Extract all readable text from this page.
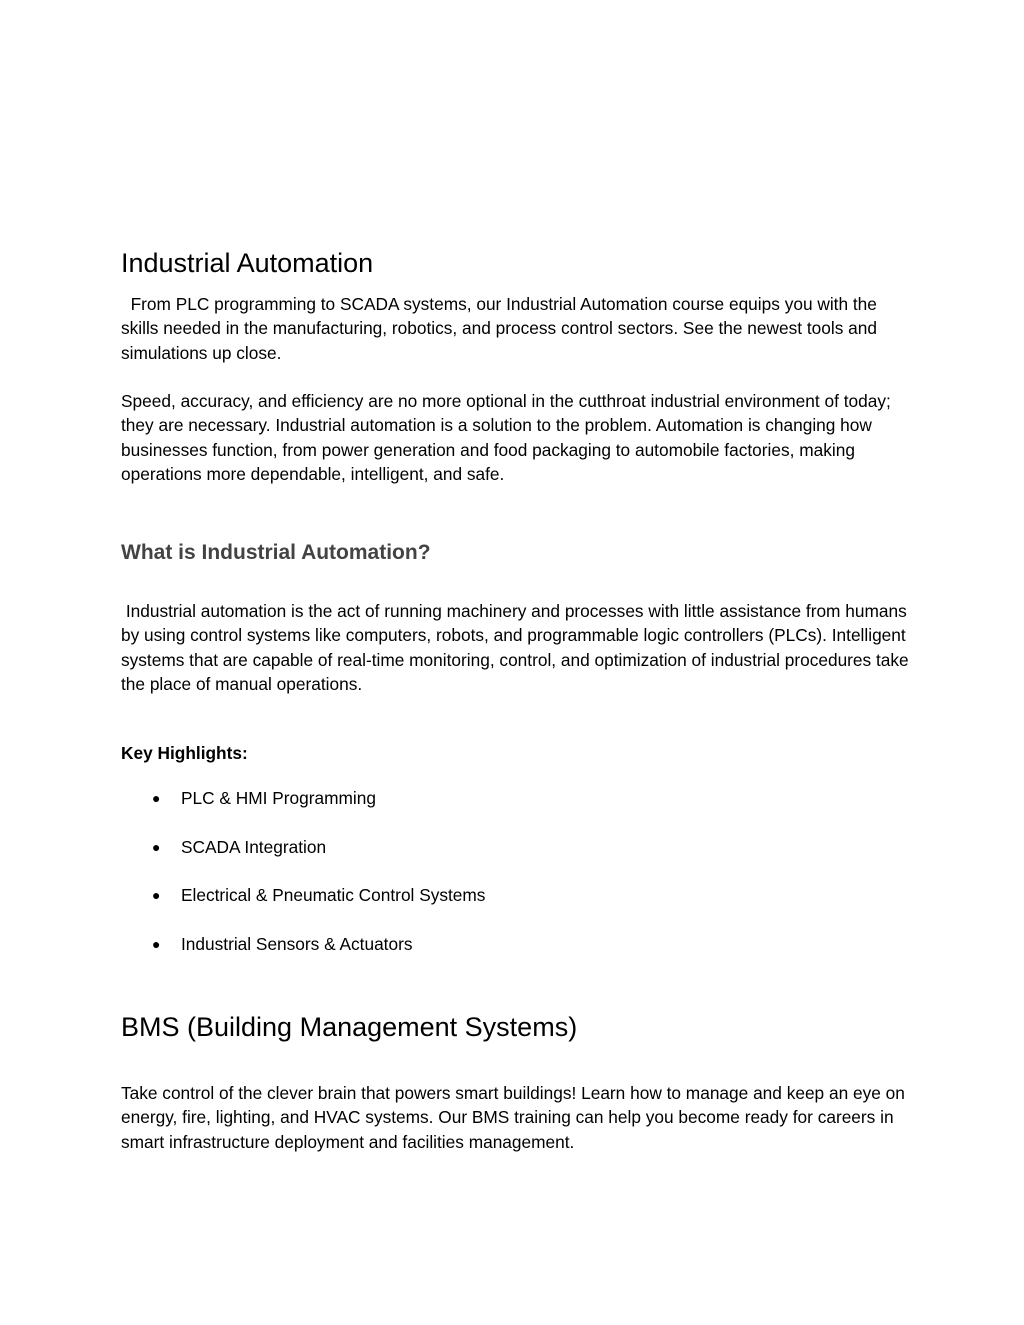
Industrial Automation

From PLC programming to SCADA systems, our Industrial Automation course equips you with the skills needed in the manufacturing, robotics, and process control sectors. See the newest tools and simulations up close.

Speed, accuracy, and efficiency are no more optional in the cutthroat industrial environment of today; they are necessary. Industrial automation is a solution to the problem. Automation is changing how businesses function, from power generation and food packaging to automobile factories, making operations more dependable, intelligent, and safe.

What is Industrial Automation?

Industrial automation is the act of running machinery and processes with little assistance from humans by using control systems like computers, robots, and programmable logic controllers (PLCs). Intelligent systems that are capable of real-time monitoring, control, and optimization of industrial procedures take the place of manual operations.

Key Highlights:
● PLC & HMI Programming
● SCADA Integration
● Electrical & Pneumatic Control Systems
● Industrial Sensors & Actuators
BMS (Building Management Systems)

Take control of the clever brain that powers smart buildings! Learn how to manage and keep an eye on energy, fire, lighting, and HVAC systems. Our BMS training can help you become ready for careers in smart infrastructure deployment and facilities management.
